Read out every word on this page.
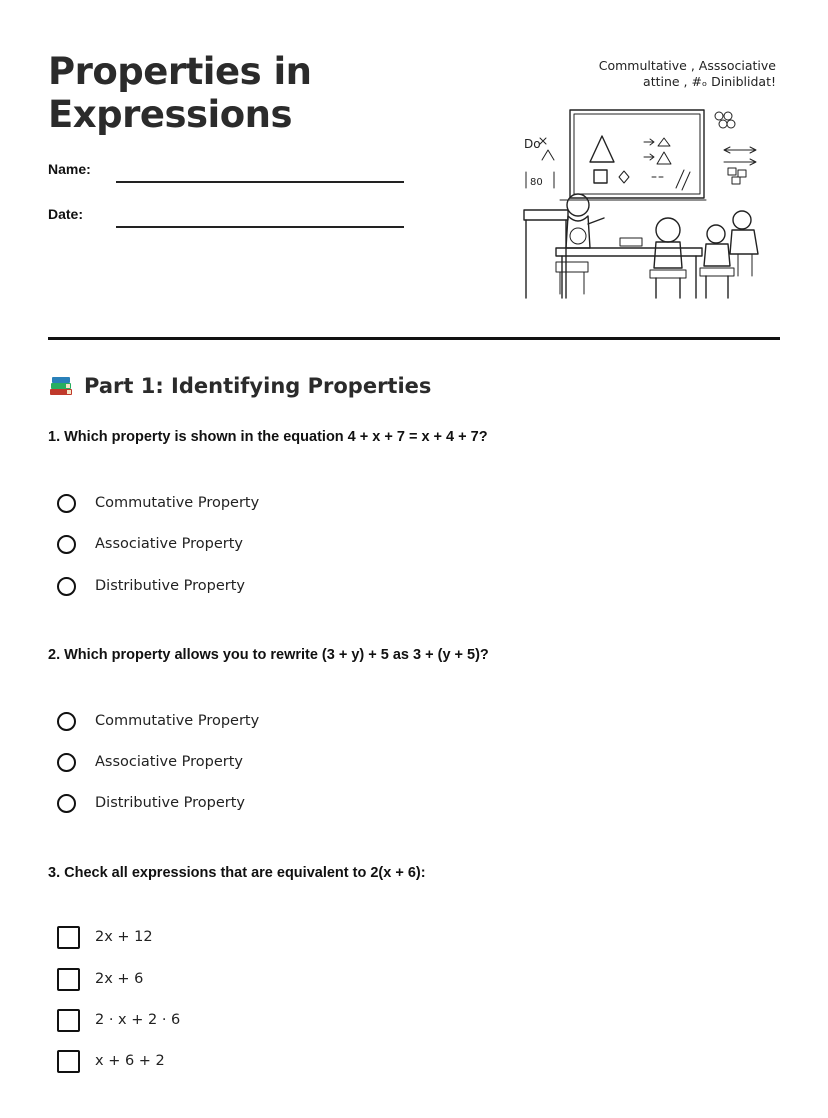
Properties in
Expressions
Name:
Date:
Commultative , Asssociative
attine , #ₒ Diniblidat!
Do
80
Part 1: Identifying Properties
1. Which property is shown in the equation 4 + x + 7 = x + 4 + 7?
Commutative Property
Associative Property
Distributive Property
2. Which property allows you to rewrite (3 + y) + 5 as 3 + (y + 5)?
Commutative Property
Associative Property
Distributive Property
3. Check all expressions that are equivalent to 2(x + 6):
2x + 12
2x + 6
2 · x + 2 · 6
x + 6 + 2
